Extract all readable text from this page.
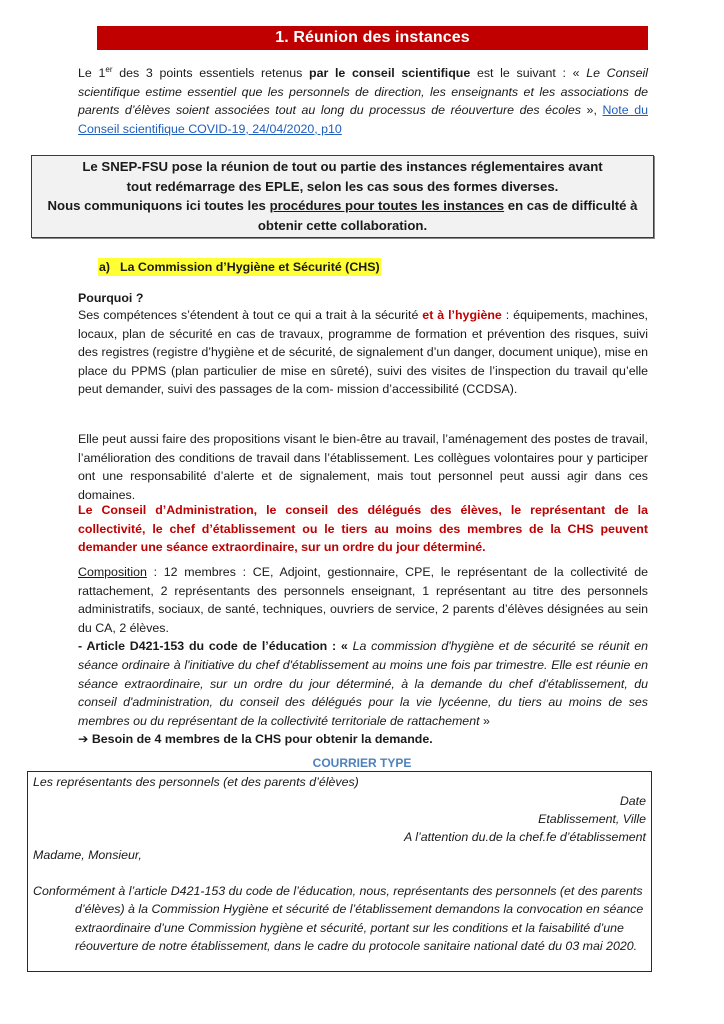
1. Réunion des instances

Le 1er des 3 points essentiels retenus par le conseil scientifique est le suivant : « Le Conseil scientifique estime essentiel que les personnels de direction, les enseignants et les associations de parents d’élèves soient associées tout au long du processus de réouverture des écoles », Note du Conseil scientifique COVID-19, 24/04/2020, p10

Le SNEP-FSU pose la réunion de tout ou partie des instances réglementaires avant tout redémarrage des EPLE, selon les cas sous des formes diverses.

Nous communiquons ici toutes les procédures pour toutes les instances en cas de difficulté à obtenir cette collaboration.

a) La Commission d’Hygiène et Sécurité (CHS)
Pourquoi ?

Ses compétences s’étendent à tout ce qui a trait à la sécurité et à l’hygiène : équipements, machines, locaux, plan de sécurité en cas de travaux, programme de formation et prévention des risques, suivi des registres (registre d’hygiène et de sécurité, de signalement d’un danger, document unique), mise en place du PPMS (plan particulier de mise en sûreté), suivi des visites de l’inspection du travail qu’elle peut demander, suivi des passages de la com- mission d’accessibilité (CCDSA).

Elle peut aussi faire des propositions visant le bien-être au travail, l’aménagement des postes de travail, l’amélioration des conditions de travail dans l’établissement. Les collègues volontaires pour y participer ont une responsabilité d’alerte et de signalement, mais tout personnel peut aussi agir dans ces domaines.

Le Conseil d’Administration, le conseil des délégués des élèves, le représentant de la collectivité, le chef d’établissement ou le tiers au moins des membres de la CHS peuvent demander une séance extraordinaire, sur un ordre du jour déterminé.

Composition : 12 membres : CE, Adjoint, gestionnaire, CPE, le représentant de la collectivité de rattachement, 2 représentants des personnels enseignant, 1 représentant au titre des personnels administratifs, sociaux, de santé, techniques, ouvriers de service, 2 parents d’élèves désignées au sein du CA, 2 élèves.
- Article D421-153 du code de l’éducation : « La commission d'hygiène et de sécurité se réunit en séance ordinaire à l'initiative du chef d'établissement au moins une fois par trimestre. Elle est réunie en séance extraordinaire, sur un ordre du jour déterminé, à la demande du chef d'établissement, du conseil d'administration, du conseil des délégués pour la vie lycéenne, du tiers au moins de ses membres ou du représentant de la collectivité territoriale de rattachement »
➔ Besoin de 4 membres de la CHS pour obtenir la demande.

COURRIER TYPE
Les représentants des personnels (et des parents d’élèves)
Date
Etablissement, Ville
A l’attention du.de la chef.fe d’établissement
Madame, Monsieur,
Conformément à l’article D421-153 du code de l’éducation, nous, représentants des personnels (et des parents d’élèves) à la Commission Hygiène et sécurité de l’établissement demandons la convocation en séance extraordinaire d’une Commission hygiène et sécurité, portant sur les conditions et la faisabilité d’une réouverture de notre établissement, dans le cadre du protocole sanitaire national daté du 03 mai 2020.
